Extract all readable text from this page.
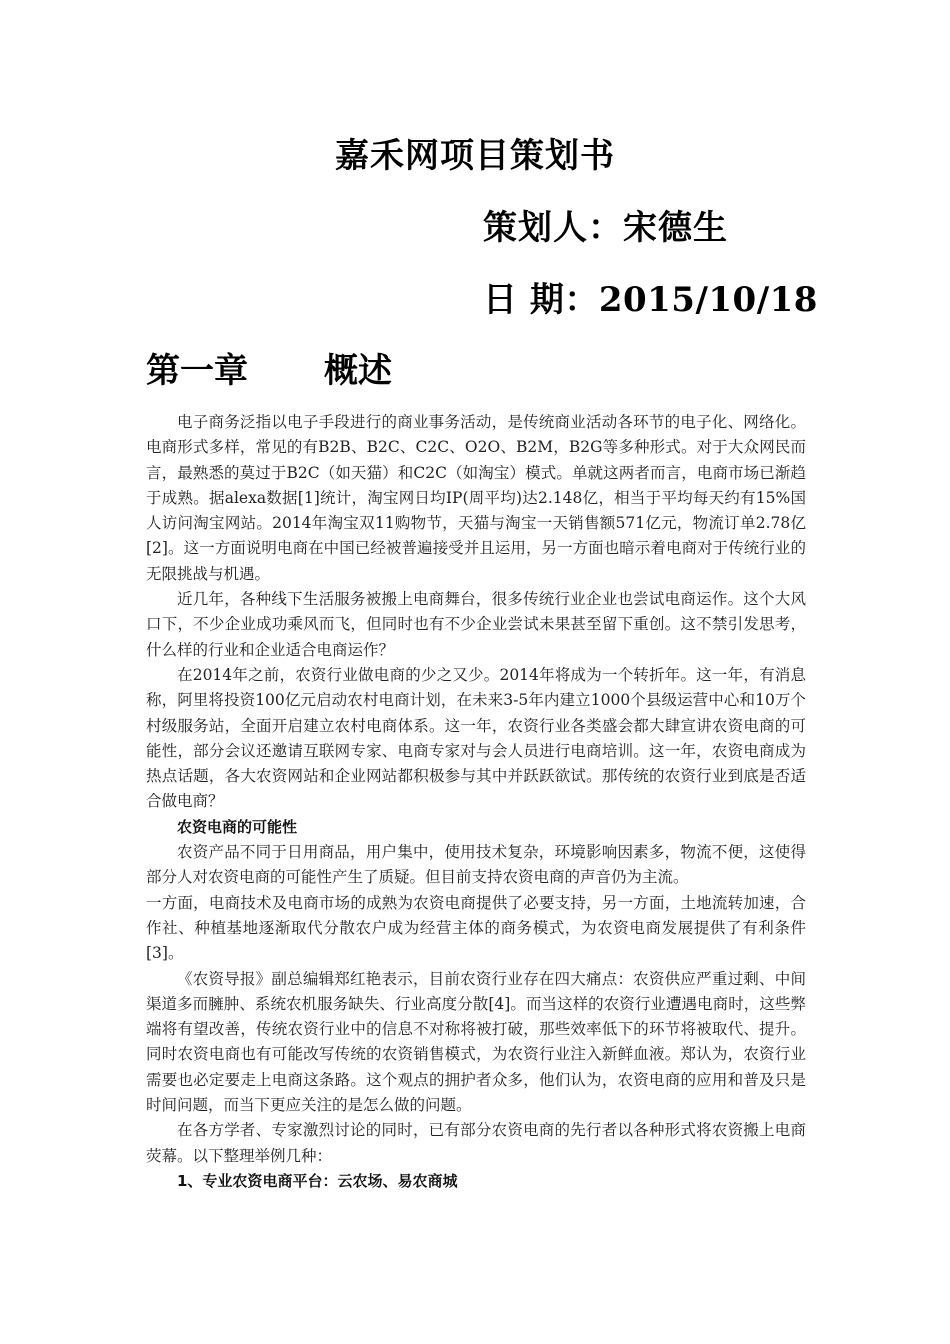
嘉禾网项目策划书
策划人：宋德生
日 期：2015/10/18
第一章 概述

电子商务泛指以电子手段进行的商业事务活动，是传统商业活动各环节的电子化、网络化。电商形式多样，常见的有B2B、B2C、C2C、O2O、B2M，B2G等多种形式。对于大众网民而言，最熟悉的莫过于B2C（如天猫）和C2C（如淘宝）模式。单就这两者而言，电商市场已渐趋于成熟。据alexa数据[1]统计，淘宝网日均IP(周平均)达2.148亿，相当于平均每天约有15%国人访问淘宝网站。2014年淘宝双11购物节，天猫与淘宝一天销售额571亿元，物流订单2.78亿[2]。这一方面说明电商在中国已经被普遍接受并且运用，另一方面也暗示着电商对于传统行业的无限挑战与机遇。

近几年，各种线下生活服务被搬上电商舞台，很多传统行业企业也尝试电商运作。这个大风口下，不少企业成功乘风而飞，但同时也有不少企业尝试未果甚至留下重创。这不禁引发思考，什么样的行业和企业适合电商运作？

在2014年之前，农资行业做电商的少之又少。2014年将成为一个转折年。这一年，有消息称，阿里将投资100亿元启动农村电商计划，在未来3-5年内建立1000个县级运营中心和10万个村级服务站，全面开启建立农村电商体系。这一年，农资行业各类盛会都大肆宣讲农资电商的可能性，部分会议还邀请互联网专家、电商专家对与会人员进行电商培训。这一年，农资电商成为热点话题，各大农资网站和企业网站都积极参与其中并跃跃欲试。那传统的农资行业到底是否适合做电商？

农资电商的可能性

农资产品不同于日用商品，用户集中，使用技术复杂，环境影响因素多，物流不便，这使得部分人对农资电商的可能性产生了质疑。但目前支持农资电商的声音仍为主流。

一方面，电商技术及电商市场的成熟为农资电商提供了必要支持，另一方面，土地流转加速，合作社、种植基地逐渐取代分散农户成为经营主体的商务模式，为农资电商发展提供了有利条件[3]。

《农资导报》副总编辑郑红艳表示，目前农资行业存在四大痛点：农资供应严重过剩、中间渠道多而臃肿、系统农机服务缺失、行业高度分散[4]。而当这样的农资行业遭遇电商时，这些弊端将有望改善，传统农资行业中的信息不对称将被打破，那些效率低下的环节将被取代、提升。同时农资电商也有可能改写传统的农资销售模式，为农资行业注入新鲜血液。郑认为，农资行业需要也必定要走上电商这条路。这个观点的拥护者众多，他们认为，农资电商的应用和普及只是时间问题，而当下更应关注的是怎么做的问题。

在各方学者、专家激烈讨论的同时，已有部分农资电商的先行者以各种形式将农资搬上电商荧幕。以下整理举例几种：

1、专业农资电商平台：云农场、易农商城
